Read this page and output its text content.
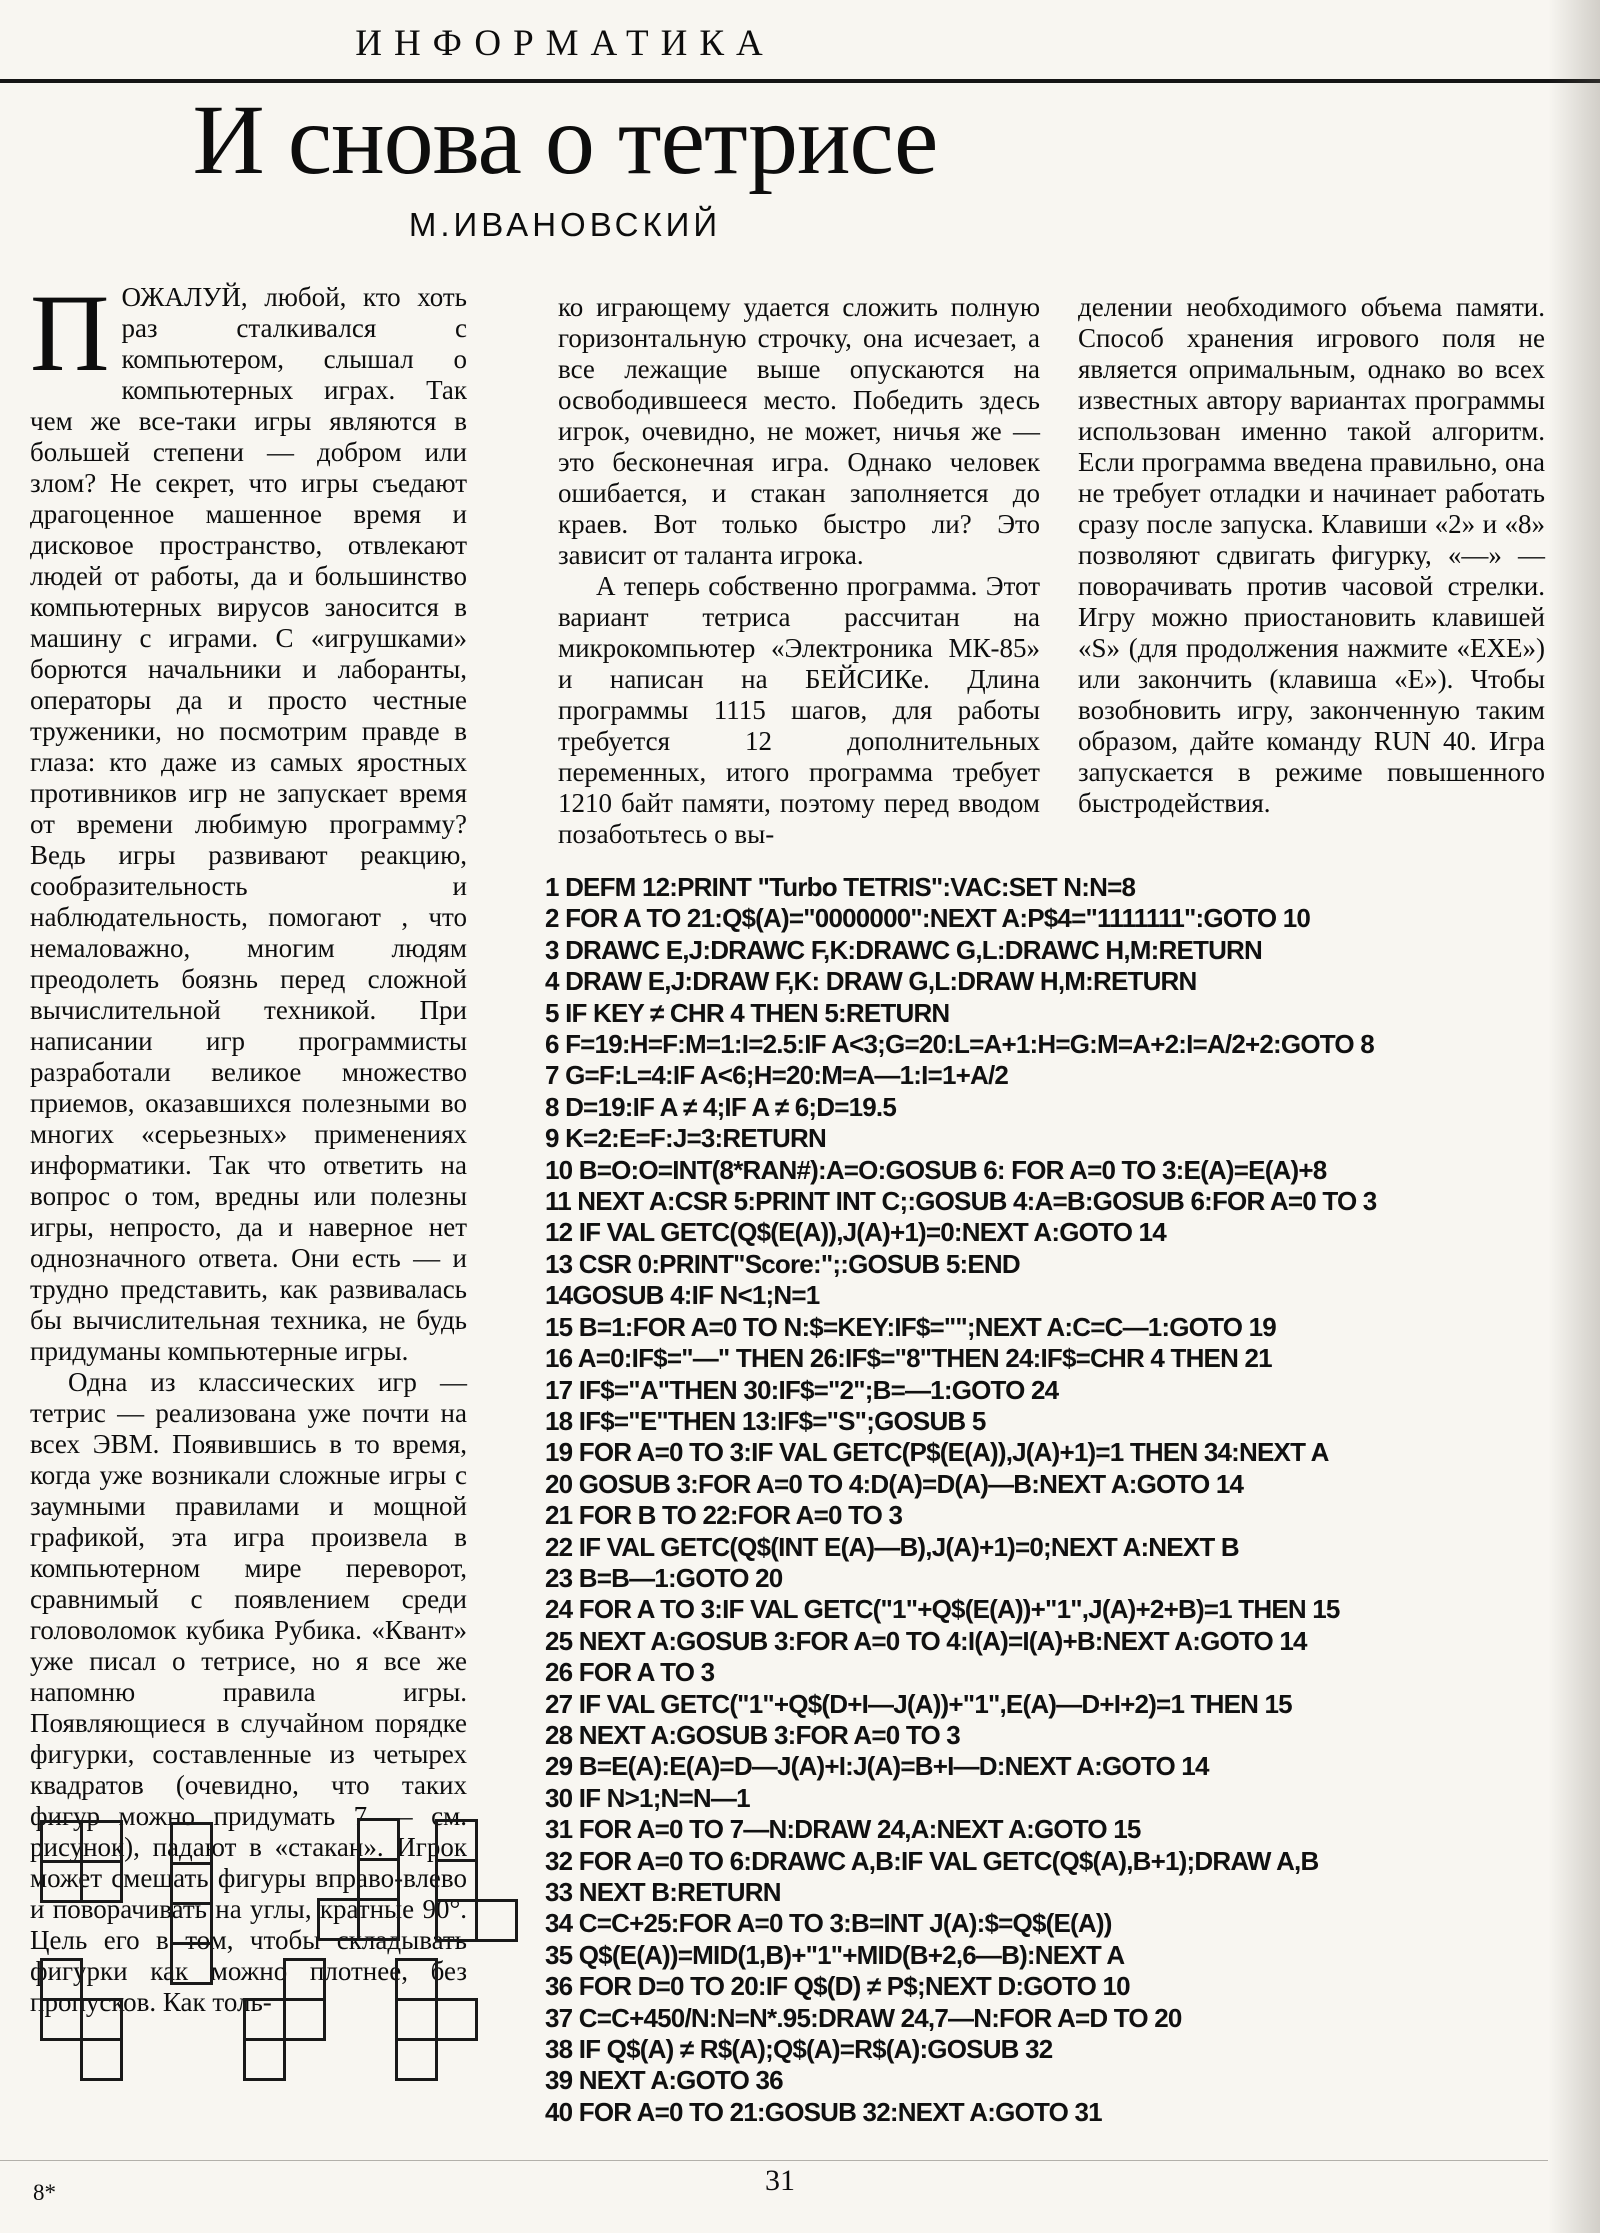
ИНФОРМАТИКА
И снова о тетрисе
М.ИВАНОВСКИЙ

ПОЖАЛУЙ, любой, кто хоть раз сталкивался с компьютером, слышал о компьютерных играх. Так чем же все-таки игры являются в большей степени — добром или злом? Не секрет, что игры съедают драгоценное машенное время и дисковое пространство, отвлекают людей от работы, да и большинство компьютерных вирусов заносится в машину с играми. С «игрушками» борются начальники и лаборанты, операторы да и просто честные труженики, но посмотрим правде в глаза: кто даже из самых яростных противников игр не запускает время от времени любимую программу? Ведь игры развивают реакцию, сообразительность и наблюдательность, помогают , что немаловажно, многим людям преодолеть боязнь перед сложной вычислительной техникой. При написании игр программисты разработали великое множество приемов, оказавшихся полезными во многих «серьезных» применениях информатики. Так что ответить на вопрос о том, вредны или полезны игры, непросто, да и наверное нет однозначного ответа. Они есть — и трудно представить, как развивалась бы вычислительная техника, не будь придуманы компьютерные игры.

Одна из классических игр — тетрис — реализована уже почти на всех ЭВМ. Появившись в то время, когда уже возникали сложные игры с заумными правилами и мощной графикой, эта игра произвела в компьютерном мире переворот, сравнимый с появлением среди головоломок кубика Рубика. «Квант» уже писал о тетрисе, но я все же напомню правила игры. Появляющиеся в случайном порядке фигурки, составленные из четырех квадратов (очевидно, что таких фигур можно придумать 7 — см. рисунок), падают в «стакан». Игрок может смещать фигуры вправо-влево и поворачивать на углы, кратные 90°. Цель его в том, чтобы складывать фигурки как можно плотнее, без пропусков. Как толь-

ко играющему удается сложить полную горизонтальную строчку, она исчезает, а все лежащие выше опускаются на освободившееся место. Победить здесь игрок, очевидно, не может, ничья же — это бесконечная игра. Однако человек ошибается, и стакан заполняется до краев. Вот только быстро ли? Это зависит от таланта игрока.

А теперь собственно программа. Этот вариант тетриса рассчитан на микрокомпьютер «Электроника МК-85» и написан на БЕЙСИКе. Длина программы 1115 шагов, для работы требуется 12 дополнительных переменных, итого программа требует 1210 байт памяти, поэтому перед вводом позаботьтесь о вы-

делении необходимого объема памяти. Способ хранения игрового поля не является опримальным, однако во всех известных автору вариантах программы использован именно такой алгоритм. Если программа введена правильно, она не требует отладки и начинает работать сразу после запуска. Клавиши «2» и «8» позволяют сдвигать фигурку, «—» — поворачивать против часовой стрелки. Игру можно приостановить клавишей «S» (для продолжения нажмите «EXE») или закончить (клавиша «E»). Чтобы возобновить игру, законченную таким образом, дайте команду RUN 40. Игра запускается в режиме повышенного быстродействия.

1 DEFM 12:PRINT "Turbo TETRIS":VAC:SET N:N=8
2 FOR A TO 21:Q$(A)="0000000":NEXT A:P$4="1111111":GOTO 10
3 DRAWC E,J:DRAWC F,K:DRAWC G,L:DRAWC H,M:RETURN
4 DRAW E,J:DRAW F,K: DRAW G,L:DRAW H,M:RETURN
5 IF KEY ≠ CHR 4 THEN 5:RETURN
6 F=19:H=F:M=1:I=2.5:IF A<3;G=20:L=A+1:H=G:M=A+2:I=A/2+2:GOTO 8
7 G=F:L=4:IF A<6;H=20:M=A—1:I=1+A/2
8 D=19:IF A ≠ 4;IF A ≠ 6;D=19.5
9 K=2:E=F:J=3:RETURN
10 B=O:O=INT(8*RAN#):A=O:GOSUB 6: FOR A=0 TO 3:E(A)=E(A)+8
11 NEXT A:CSR 5:PRINT INT C;:GOSUB 4:A=B:GOSUB 6:FOR A=0 TO 3
12 IF VAL GETC(Q$(E(A)),J(A)+1)=0:NEXT A:GOTO 14
13 CSR 0:PRINT"Score:";:GOSUB 5:END
14GOSUB 4:IF N<1;N=1
15 B=1:FOR A=0 TO N:$=KEY:IF$="";NEXT A:C=C—1:GOTO 19
16 A=0:IF$="—" THEN 26:IF$="8"THEN 24:IF$=CHR 4 THEN 21
17 IF$="A"THEN 30:IF$="2";B=—1:GOTO 24
18 IF$="E"THEN 13:IF$="S";GOSUB 5
19 FOR A=0 TO 3:IF VAL GETC(P$(E(A)),J(A)+1)=1 THEN 34:NEXT A
20 GOSUB 3:FOR A=0 TO 4:D(A)=D(A)—B:NEXT A:GOTO 14
21 FOR B TO 22:FOR A=0 TO 3
22 IF VAL GETC(Q$(INT E(A)—B),J(A)+1)=0;NEXT A:NEXT B
23 B=B—1:GOTO 20
24 FOR A TO 3:IF VAL GETC("1"+Q$(E(A))+"1",J(A)+2+B)=1 THEN 15
25 NEXT A:GOSUB 3:FOR A=0 TO 4:I(A)=I(A)+B:NEXT A:GOTO 14
26 FOR A TO 3
27 IF VAL GETC("1"+Q$(D+I—J(A))+"1",E(A)—D+I+2)=1 THEN 15
28 NEXT A:GOSUB 3:FOR A=0 TO 3
29 B=E(A):E(A)=D—J(A)+I:J(A)=B+I—D:NEXT A:GOTO 14
30 IF N>1;N=N—1
31 FOR A=0 TO 7—N:DRAW 24,A:NEXT A:GOTO 15
32 FOR A=0 TO 6:DRAWC A,B:IF VAL GETC(Q$(A),B+1);DRAW A,B
33 NEXT B:RETURN
34 C=C+25:FOR A=0 TO 3:B=INT J(A):$=Q$(E(A))
35 Q$(E(A))=MID(1,B)+"1"+MID(B+2,6—B):NEXT A
36 FOR D=0 TO 20:IF Q$(D) ≠ P$;NEXT D:GOTO 10
37 C=C+450/N:N=N*.95:DRAW 24,7—N:FOR A=D TO 20
38 IF Q$(A) ≠ R$(A);Q$(A)=R$(A):GOSUB 32
39 NEXT A:GOTO 36
40 FOR A=0 TO 21:GOSUB 32:NEXT A:GOTO 31
8*	31
